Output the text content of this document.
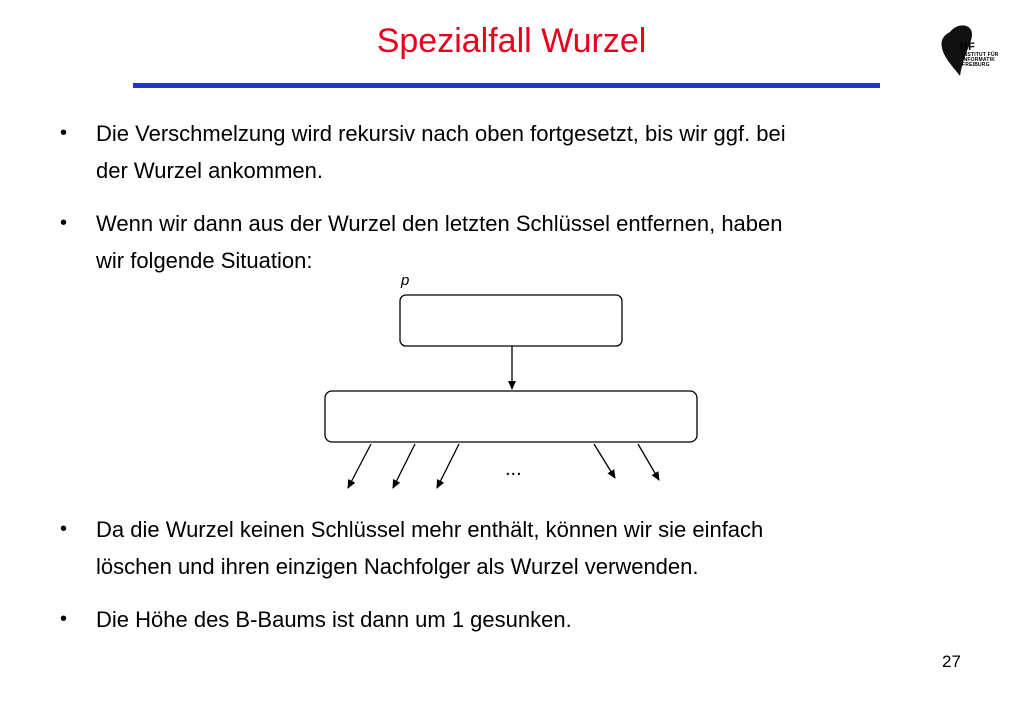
Spezialfall Wurzel	IIF
INSTITUT FÜR
INFORMATIK
FREIBURG
• Die Verschmelzung wird rekursiv nach oben fortgesetzt, bis wir ggf. bei
der Wurzel ankommen.
• Wenn wir dann aus der Wurzel den letzten Schlüssel entfernen, haben
wir folgende Situation:
• Da die Wurzel keinen Schlüssel mehr enthält, können wir sie einfach
löschen und ihren einzigen Nachfolger als Wurzel verwenden.
• Die Höhe des B-Baums ist dann um 1 gesunken.
p
...
27
